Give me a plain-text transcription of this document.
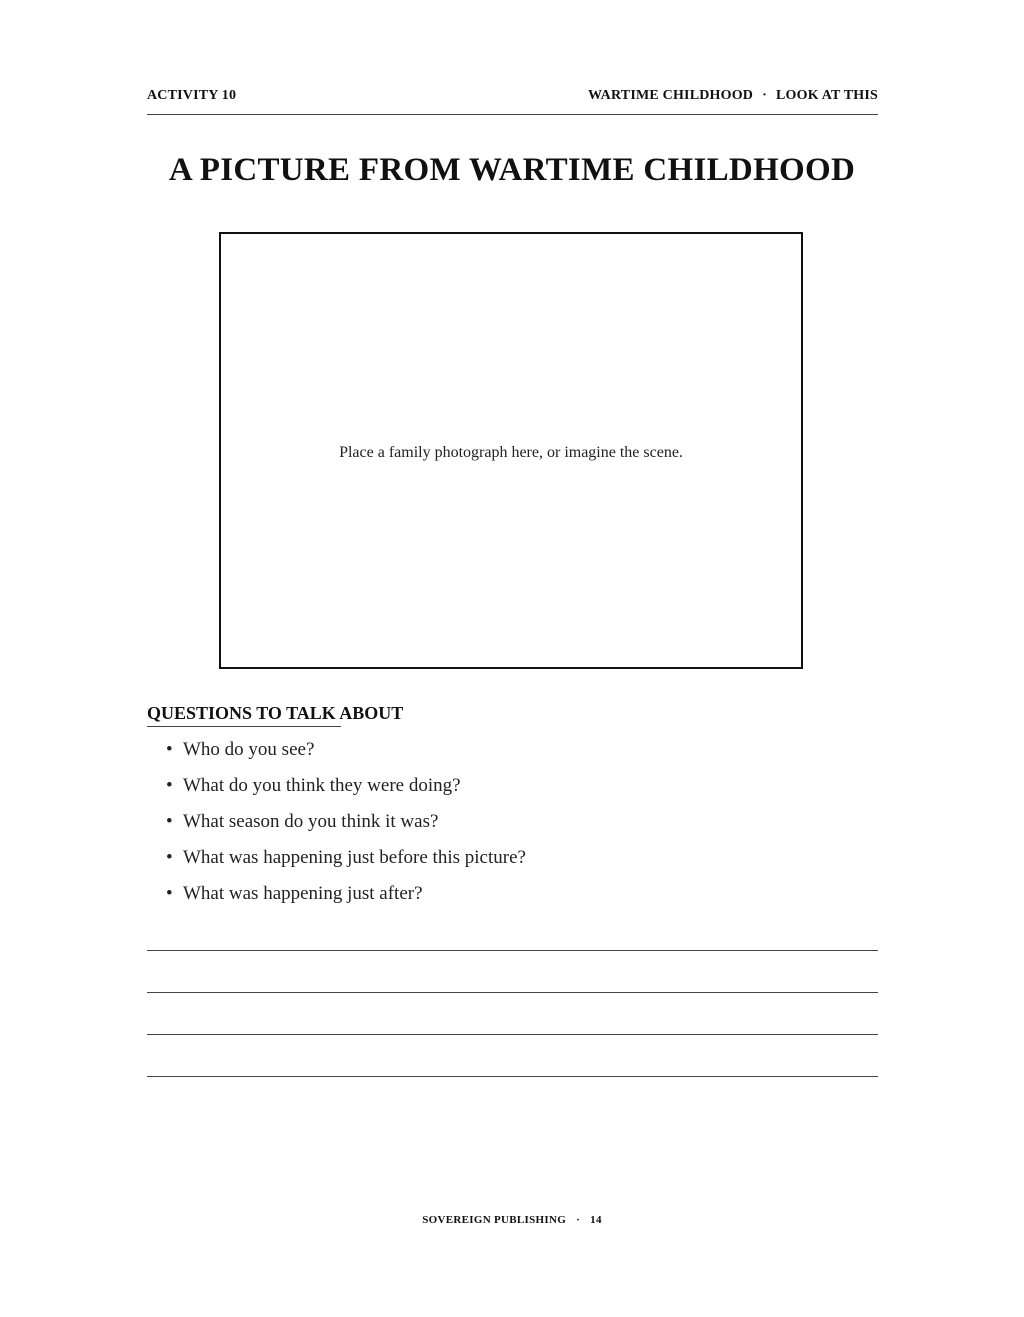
ACTIVITY 10	WARTIME CHILDHOOD · LOOK AT THIS
A PICTURE FROM WARTIME CHILDHOOD
Place a family photograph here, or imagine the scene.
QUESTIONS TO TALK ABOUT
• Who do you see?
• What do you think they were doing?
• What season do you think it was?
• What was happening just before this picture?
• What was happening just after?
SOVEREIGN PUBLISHING · 14
